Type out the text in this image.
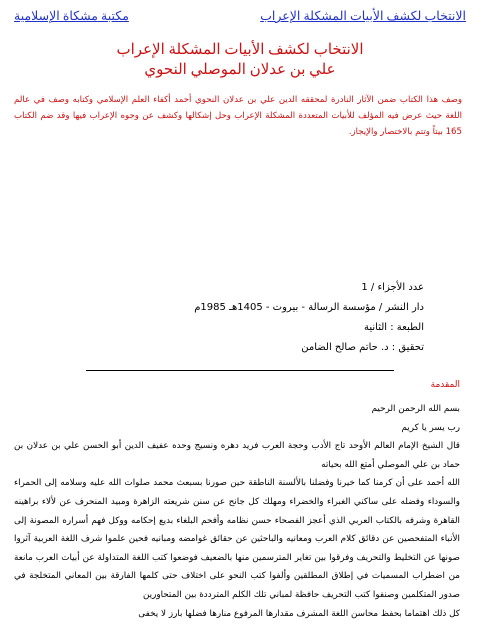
الانتخاب لكشف الأبيات المشكلة الإعراب
مكتبة مشكاة الإسلامية
الانتخاب لكشف الأبيات المشكلة الإعراب
علي بن عدلان الموصلي النحوي
وصف هذا الكتاب ضمن الآثار النادرة لمحققه الدين علي بن عدلان النحوي أحمد أكفاء العلم الإسلامي وكتابه وصف في عالم اللغة حيث عرض فيه المؤلف للأبيات المتعددة المشكلة الإعراب وحل إشكالها وكشف عن وجوه الإعراب فيها وقد ضم الكتاب 165 بيتاً وتتم بالاختصار والإيجاز.
عدد الأجزاء / 1
دار النشر / مؤسسة الرسالة - بيروت - 1405هـ 1985م
الطبعة : الثانية
تحقيق : د. حاتم صالح الضامن
المقدمة

بسم الله الرحمن الرحيم

رب يسر يا كريم

قال الشيخ الإمام العالم الأوحد تاج الأدب وحجة العرب فريد دهره ونسيج وحده عفيف الدين أبو الحسن علي بن عدلان بن حماد بن علي الموصلي أمتع الله بحياته

الله أحمد على أن كرمنا كما خيرنا وفضلنا بالألسنة الناطقة حين صورنا بسبعث محمد صلوات الله عليه وسلامه إلى الحمراء والسوداء وفضله على ساكني الغبراء والخضراء ومهلك كل جانح عن سنن شريعته الزاهرة ومبيد المنحرف عن لألاء براهينه القاهرة وشرفه بالكتاب العربي الذي أعجز الفصحاء حسن نظامه وأفحم البلغاء بديع إحكامه ووكل فهم أسراره المصونة إلى الأنباء المتفحصين عن دقائق كلام العرب ومعانيه والباحثين عن حقائق غوامضه ومبانيه فحين علموا شرف اللغة العربية آثروا صونها عن التخليط والتحريف وفرقوا بين تغاير المترسمين منها بالضعيف فوضعوا كتب اللغة المتداولة عن أبيات العرب مانعة من اضطراب المسميات في إطلاق المطلقين وألفوا كتب النحو على اختلاف حتى كلمها الفارقة بين المعاني المتخلجة في صدور المتكلمين وصنفوا كتب التحريف حافظة لمباني تلك الكلم المترددة بين المتحاورين

كل ذلك اهتماما بحفظ محاسن اللغة المشرف مقدارها المرفوع منارها فضلها بارز لا يخفى
